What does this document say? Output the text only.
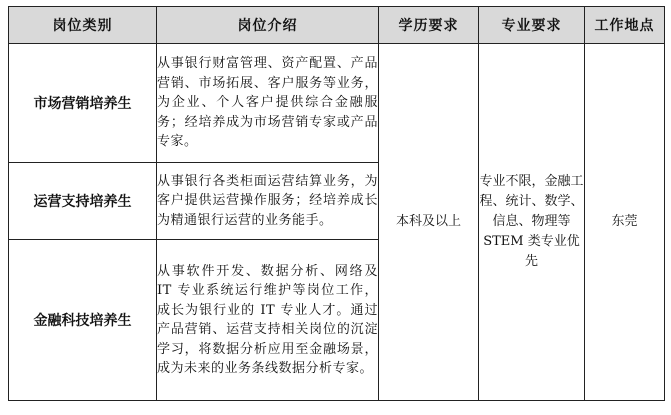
岗位类别	岗位介绍	学历要求	专业要求	工作地点
市场营销培养生	从事银行财富管理、资产配置、产品营销、市场拓展、客户服务等业务，为企业、个人客户提供综合金融服务；经培养成为市场营销专家或产品专家。	本科及以上	专业不限，金融工程、统计、数学、信息、物理等 STEM 类专业优先	东莞
运营支持培养生	从事银行各类柜面运营结算业务，为客户提供运营操作服务；经培养成长为精通银行运营的业务能手。			
金融科技培养生	从事软件开发、数据分析、网络及 IT 专业系统运行维护等岗位工作，成长为银行业的 IT 专业人才。通过产品营销、运营支持相关岗位的沉淀学习，将数据分析应用至金融场景，成为未来的业务条线数据分析专家。			
